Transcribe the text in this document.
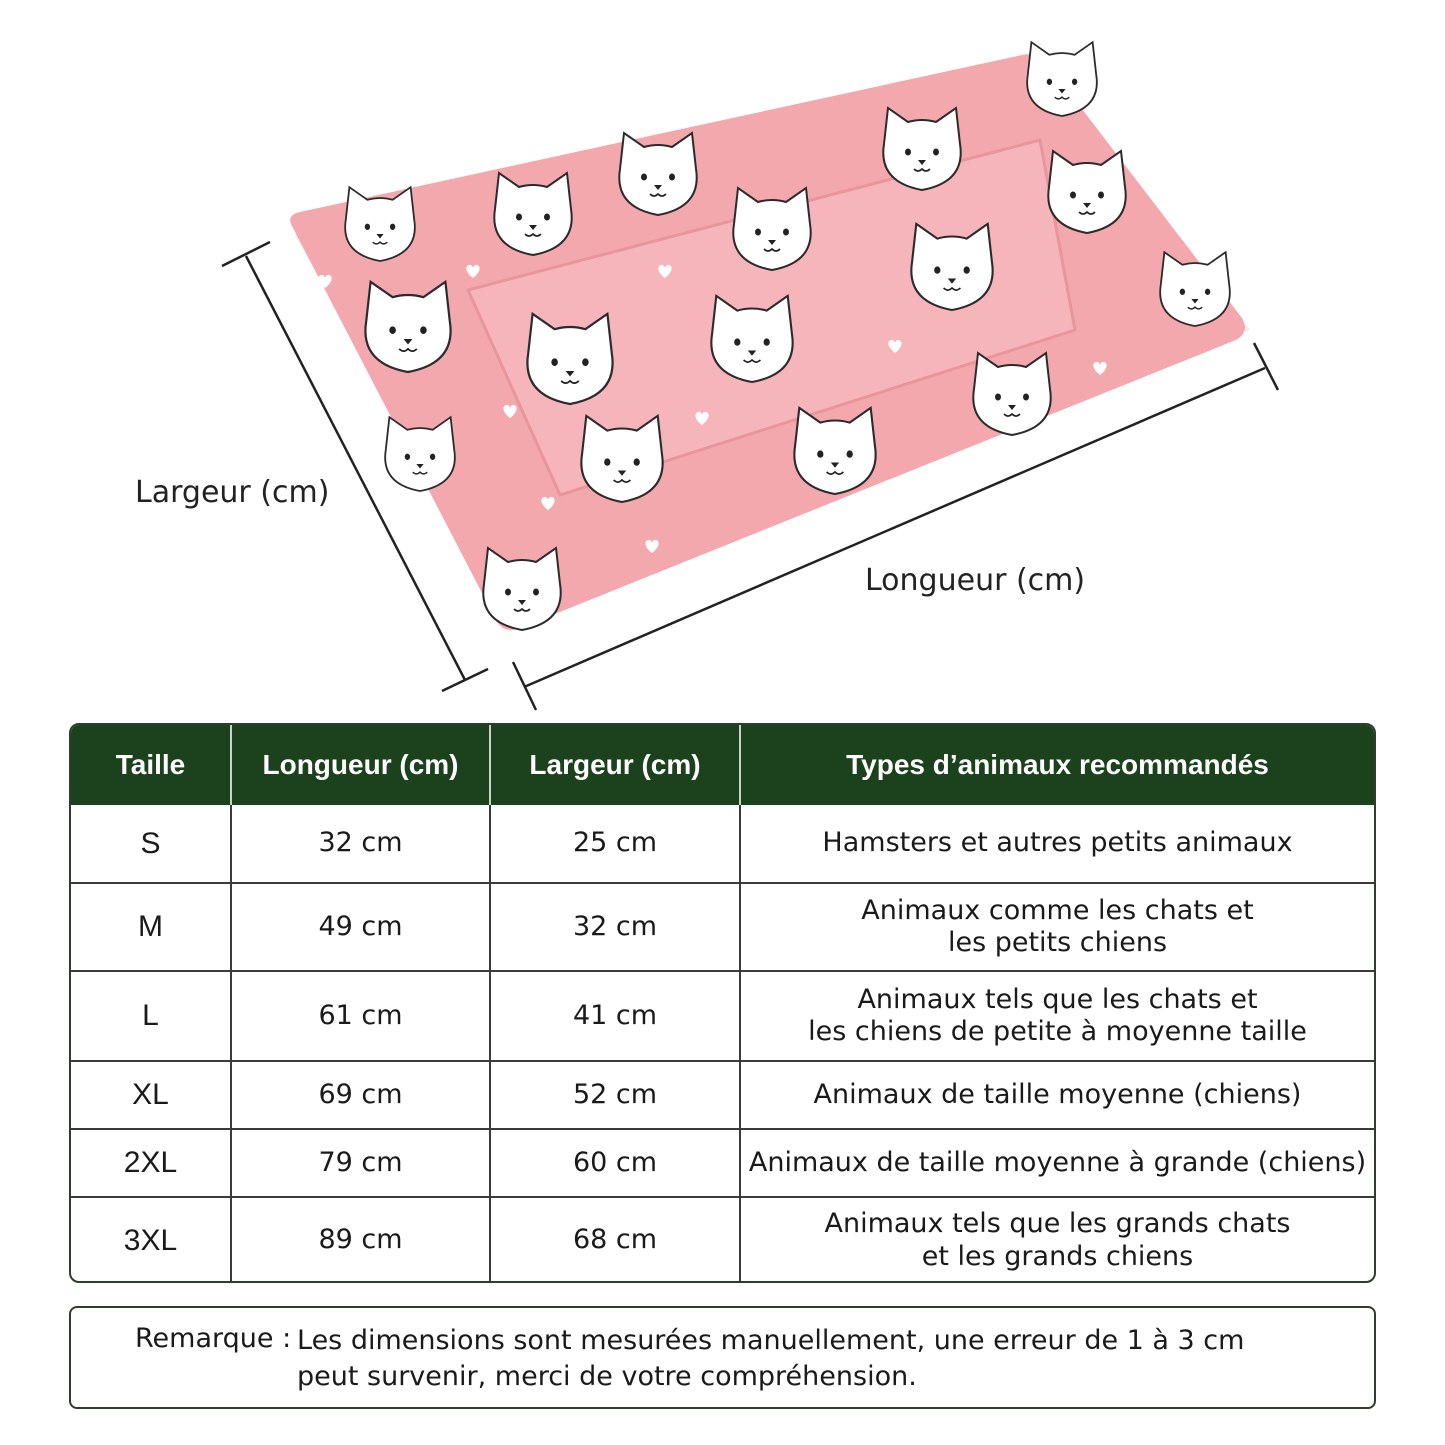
Largeur (cm)
Longueur (cm)
Taille	Longueur (cm)	Largeur (cm)	Types d’animaux recommandés
S	32 cm	25 cm	Hamsters et autres petits animaux

M	49 cm	32 cm	Animaux comme les chats et
les petits chiens

L	61 cm	41 cm	Animaux tels que les chats et
les chiens de petite à moyenne taille

XL	69 cm	52 cm	Animaux de taille moyenne (chiens)

2XL	79 cm	60 cm	Animaux de taille moyenne à grande (chiens)

3XL	89 cm	68 cm	Animaux tels que les grands chats
et les grands chiens
Remarque : Les dimensions sont mesurées manuellement, une erreur de 1 à 3 cm
peut survenir, merci de votre compréhension.
